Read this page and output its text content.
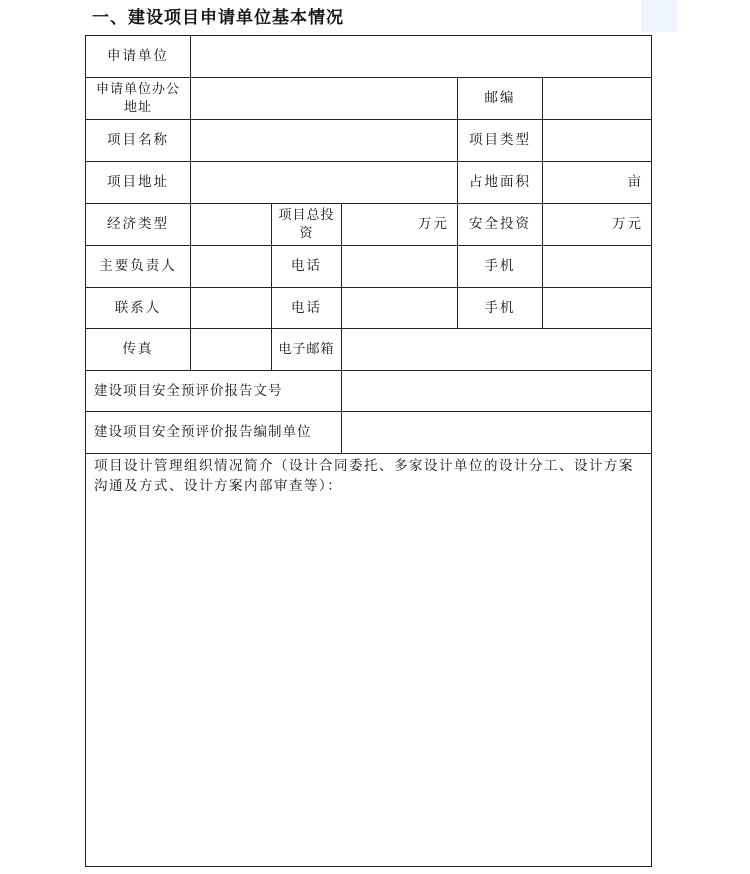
一、建设项目申请单位基本情况
申请单位					
申请单位办公地址				邮编	
项目名称				项目类型	
项目地址				占地面积	亩
经济类型		项目总投资	万元	安全投资	万元
主要负责人		电话		手机	
联系人		电话		手机	
传真		电子邮箱			
建设项目安全预评价报告文号					
建设项目安全预评价报告编制单位					
项目设计管理组织情况简介（设计合同委托、多家设计单位的设计分工、设计方案沟通及方式、设计方案内部审查等）：					
